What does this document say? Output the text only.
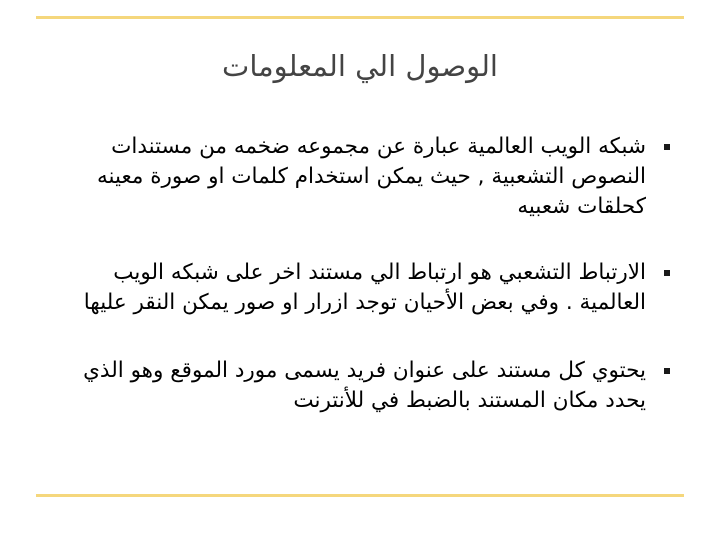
الوصول الي المعلومات
شبكه الويب العالمية عبارة عن مجموعه ضخمه من مستندات
النصوص التشعبية , حيث يمكن استخدام كلمات او صورة معينه
كحلقات شعبيه
الارتباط التشعبي هو ارتباط الي مستند اخر على شبكه الويب
العالمية . وفي بعض الأحيان توجد ازرار او صور يمكن النقر عليها
يحتوي كل مستند على عنوان فريد يسمى مورد الموقع وهو الذي
يحدد مكان المستند بالضبط في للأنترنت
